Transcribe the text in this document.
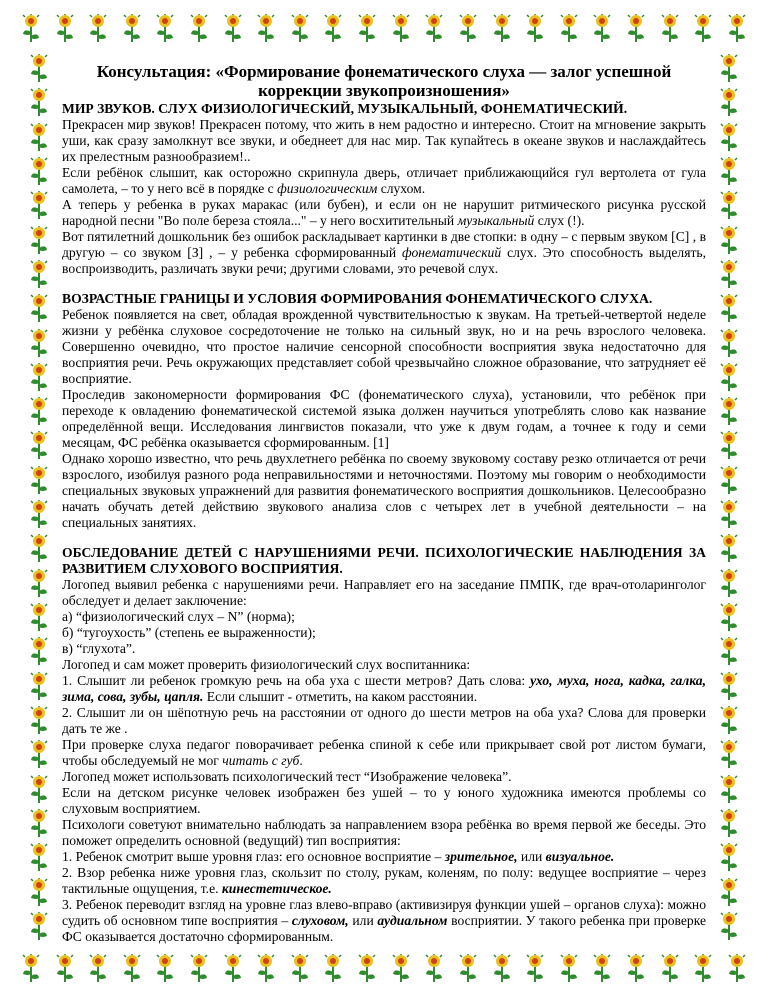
Консультация: «Формирование фонематического слуха — залог успешной коррекции звукопроизношения»
МИР ЗВУКОВ. СЛУХ ФИЗИОЛОГИЧЕСКИЙ, МУЗЫКАЛЬНЫЙ, ФОНЕМАТИЧЕСКИЙ.

Прекрасен мир звуков! Прекрасен потому, что жить в нем радостно и интересно. Стоит на мгновение закрыть уши, как сразу замолкнут все звуки, и обеднеет для нас мир. Так купайтесь в океане звуков и наслаждайтесь их прелестным разнообразием!..

Если ребёнок слышит, как осторожно скрипнула дверь, отличает приближающийся гул вертолета от гула самолета, – то у него всё в порядке с физиологическим слухом.

А теперь у ребенка в руках маракас (или бубен), и если он не нарушит ритмического рисунка русской народной песни "Во поле береза стояла..." – у него восхитительный музыкальный слух (!).

Вот пятилетний дошкольник без ошибок раскладывает картинки в две стопки: в одну – с первым звуком [С] , в другую – со звуком [З] , – у ребенка сформированный фонематический слух. Это способность выделять, воспроизводить, различать звуки речи; другими словами, это речевой слух.

ВОЗРАСТНЫЕ ГРАНИЦЫ И УСЛОВИЯ ФОРМИРОВАНИЯ ФОНЕМАТИЧЕСКОГО СЛУХА.

Ребенок появляется на свет, обладая врожденной чувствительностью к звукам. На третьей-четвертой неделе жизни у ребёнка слуховое сосредоточение не только на сильный звук, но и на речь взрослого человека. Совершенно очевидно, что простое наличие сенсорной способности восприятия звука недостаточно для восприятия речи. Речь окружающих представляет собой чрезвычайно сложное образование, что затрудняет её восприятие.

Проследив закономерности формирования ФС (фонематического слуха), установили, что ребёнок при переходе к овладению фонематической системой языка должен научиться употреблять слово как название определённой вещи. Исследования лингвистов показали, что уже к двум годам, а точнее к году и семи месяцам, ФС ребёнка оказывается сформированным. [1]

Однако хорошо известно, что речь двухлетнего ребёнка по своему звуковому составу резко отличается от речи взрослого, изобилуя разного рода неправильностями и неточностями. Поэтому мы говорим о необходимости специальных звуковых упражнений для развития фонематического восприятия дошкольников. Целесообразно начать обучать детей действию звукового анализа слов с четырех лет в учебной деятельности – на специальных занятиях.

ОБСЛЕДОВАНИЕ ДЕТЕЙ С НАРУШЕНИЯМИ РЕЧИ. ПСИХОЛОГИЧЕСКИЕ НАБЛЮДЕНИЯ ЗА РАЗВИТИЕМ СЛУХОВОГО ВОСПРИЯТИЯ.

Логопед выявил ребенка с нарушениями речи. Направляет его на заседание ПМПК, где врач-отоларинголог обследует и делает заключение:

а) “физиологический слух – N” (норма);

б) “тугоухость” (степень ее выраженности);

в) “глухота”.

Логопед и сам может проверить физиологический слух воспитанника:

1. Слышит ли ребенок громкую речь на оба уха с шести метров? Дать слова: ухо, муха, нога, кадка, галка, зима, сова, зубы, цапля. Если слышит - отметить, на каком расстоянии.

2. Слышит ли он шёпотную речь на расстоянии от одного до шести метров на оба уха? Слова для проверки дать те же .

При проверке слуха педагог поворачивает ребенка спиной к себе или прикрывает свой рот листом бумаги, чтобы обследуемый не мог читать с губ.

Логопед может использовать психологический тест “Изображение человека”.

Если на детском рисунке человек изображен без ушей – то у юного художника имеются проблемы со слуховым восприятием.

Психологи советуют внимательно наблюдать за направлением взора ребёнка во время первой же беседы. Это поможет определить основной (ведущий) тип восприятия:

1. Ребенок смотрит выше уровня глаз: его основное восприятие – зрительное, или визуальное.

2. Взор ребенка ниже уровня глаз, скользит по столу, рукам, коленям, по полу: ведущее восприятие – через тактильные ощущения, т.е. кинестетическое.

3. Ребенок переводит взгляд на уровне глаз влево-вправо (активизируя функции ушей – органов слуха): можно судить об основном типе восприятия – слуховом, или аудиальном восприятии. У такого ребенка при проверке ФС оказывается достаточно сформированным.
